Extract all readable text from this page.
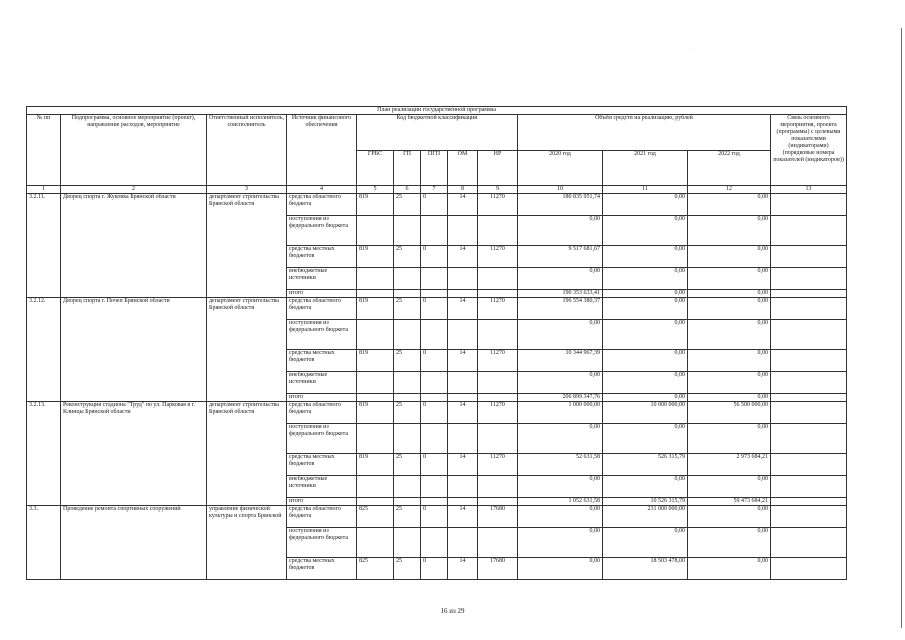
·
План реализации государственной программы												
№ пп	Подпрограмма, основное мероприятие (проект), направление расходов, мероприятие	Ответственный исполнитель, соисполнитель	Источник финансового обеспечения	Код бюджетной классификации					Объём средств на реализацию, рублей			Связь основного мероприятия, проекта (программы) с целевыми показателями (индикаторами) (порядковые номера показателей (индикаторов))
				ГРБС	ГП	ПГП	ОМ	НР	2020 год	2021 год	2022 год	
1	2	3	4	5	6	7	8	9	10	11	12	13
3.2.11.	Дворец спорта г. Жуковка Брянской области	департамент строительства Брянской области	средства областного бюджета	819	25	0	14	11270	180 835 951,74	0,00	0,00	
			поступления из федерального бюджета						0,00	0,00	0,00	
			средства местных бюджетов	819	25	0	14	11270	9 517 681,67	0,00	0,00	
			внебюджетные источники						0,00	0,00	0,00	
			итого						190 353 633,41	0,00	0,00	
3.2.12.	Дворец спорта г. Почеп Брянской области	департамент строительства Брянской области	средства областного бюджета	819	25	0	14	11270	196 554 380,37	0,00	0,00	
			поступления из федерального бюджета						0,00	0,00	0,00	
			средства местных бюджетов	819	25	0	14	11270	10 344 967,39	0,00	0,00	
			внебюджетные источники						0,00	0,00	0,00	
			итого						206 899 347,76	0,00	0,00	
3.2.13.	Реконструкция стадиона "Труд" по ул. Парковая в г. Клинцы Брянской области	департамент строительства Брянской области	средства областного бюджета	819	25	0	14	11270	1 000 000,00	10 000 000,00	56 500 000,00	
			поступления из федерального бюджета						0,00	0,00	0,00	
			средства местных бюджетов	819	25	0	14	11270	52 631,58	526 315,79	2 973 684,21	
			внебюджетные источники						0,00	0,00	0,00	
			итого						1 052 631,58	10 526 315,79	59 473 684,21	
3.3.	Проведение ремонта спортивных сооружений	управление физической культуры и спорта Брянской	средства областного бюджета	825	25	0	14	17680	0,00	231 000 000,00	0,00	
			поступления из федерального бюджета						0,00	0,00	0,00	
			средства местных бюджетов	825	25	0	14	17680	0,00	18 503 478,00	0,00	
16 из 29
